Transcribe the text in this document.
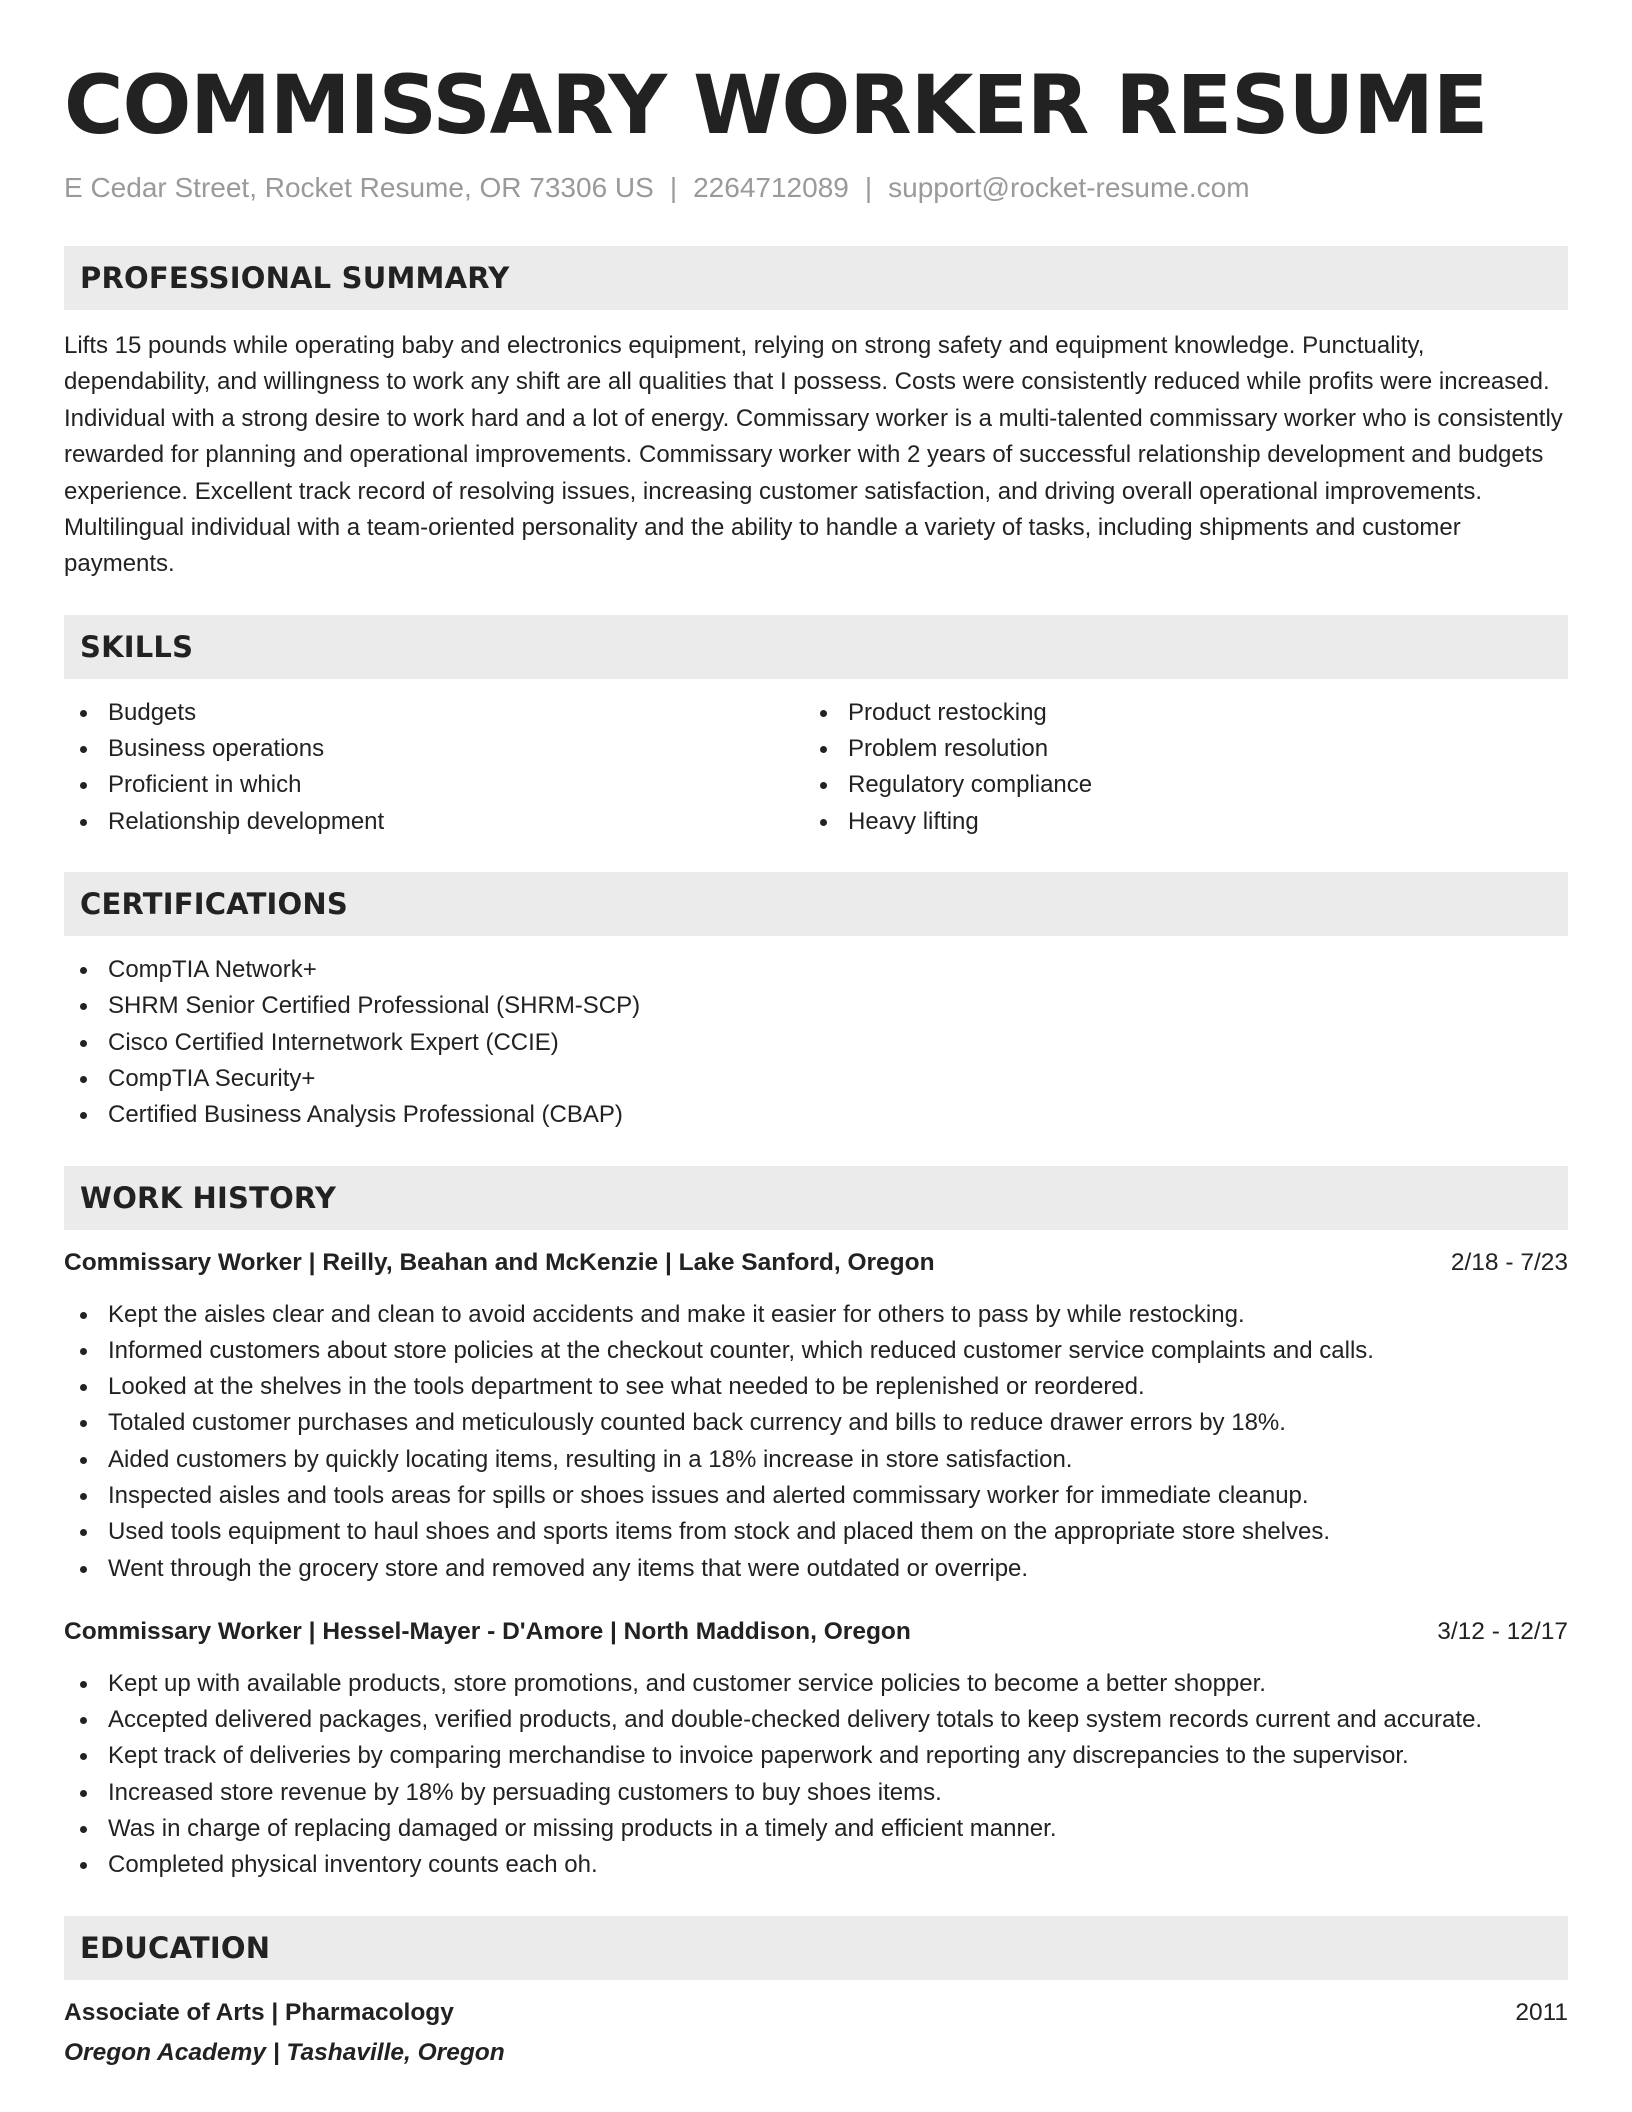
COMMISSARY WORKER RESUME
E Cedar Street, Rocket Resume, OR 73306 US | 2264712089 | support@rocket-resume.com
PROFESSIONAL SUMMARY

Lifts 15 pounds while operating baby and electronics equipment, relying on strong safety and equipment knowledge. Punctuality, dependability, and willingness to work any shift are all qualities that I possess. Costs were consistently reduced while profits were increased. Individual with a strong desire to work hard and a lot of energy. Commissary worker is a multi-talented commissary worker who is consistently rewarded for planning and operational improvements. Commissary worker with 2 years of successful relationship development and budgets experience. Excellent track record of resolving issues, increasing customer satisfaction, and driving overall operational improvements. Multilingual individual with a team-oriented personality and the ability to handle a variety of tasks, including shipments and customer payments.

SKILLS
Budgets
Business operations
Proficient in which
Relationship development
Product restocking
Problem resolution
Regulatory compliance
Heavy lifting
CERTIFICATIONS
CompTIA Network+
SHRM Senior Certified Professional (SHRM-SCP)
Cisco Certified Internetwork Expert (CCIE)
CompTIA Security+
Certified Business Analysis Professional (CBAP)
WORK HISTORY
Commissary Worker | Reilly, Beahan and McKenzie | Lake Sanford, Oregon	2/18 - 7/23
Kept the aisles clear and clean to avoid accidents and make it easier for others to pass by while restocking.
Informed customers about store policies at the checkout counter, which reduced customer service complaints and calls.
Looked at the shelves in the tools department to see what needed to be replenished or reordered.
Totaled customer purchases and meticulously counted back currency and bills to reduce drawer errors by 18%.
Aided customers by quickly locating items, resulting in a 18% increase in store satisfaction.
Inspected aisles and tools areas for spills or shoes issues and alerted commissary worker for immediate cleanup.
Used tools equipment to haul shoes and sports items from stock and placed them on the appropriate store shelves.
Went through the grocery store and removed any items that were outdated or overripe.
Commissary Worker | Hessel-Mayer - D'Amore | North Maddison, Oregon	3/12 - 12/17
Kept up with available products, store promotions, and customer service policies to become a better shopper.
Accepted delivered packages, verified products, and double-checked delivery totals to keep system records current and accurate.
Kept track of deliveries by comparing merchandise to invoice paperwork and reporting any discrepancies to the supervisor.
Increased store revenue by 18% by persuading customers to buy shoes items.
Was in charge of replacing damaged or missing products in a timely and efficient manner.
Completed physical inventory counts each oh.
EDUCATION
Associate of Arts | Pharmacology	2011
Oregon Academy | Tashaville, Oregon
